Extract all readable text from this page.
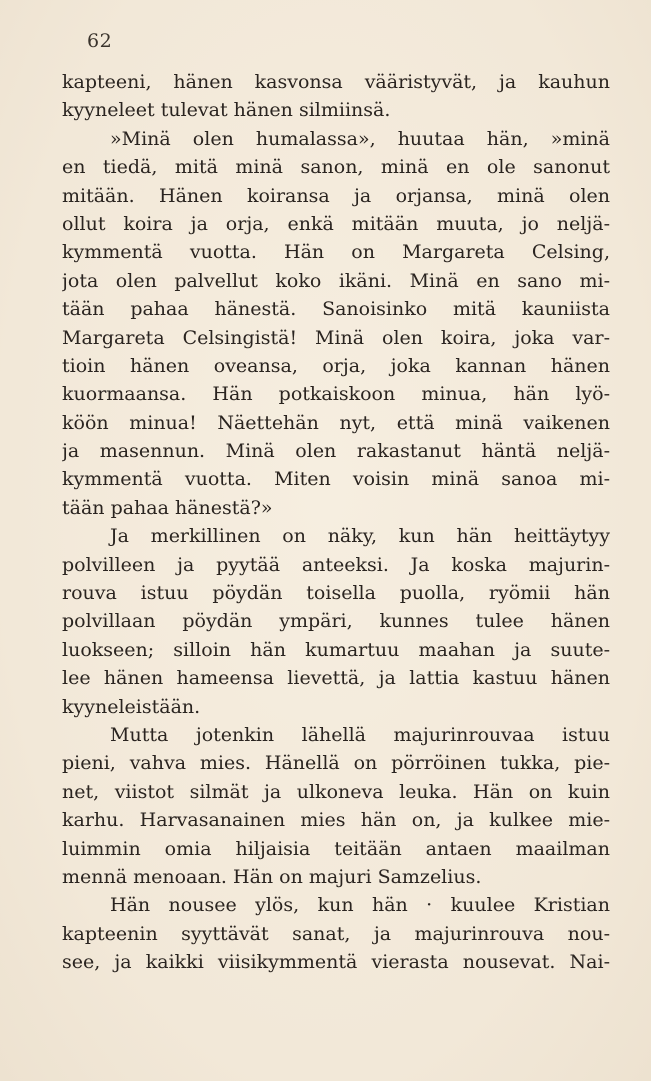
62
kapteeni, hänen kasvonsa vääristyvät, ja kauhun
kyyneleet tulevat hänen silmiinsä.
»Minä olen humalassa», huutaa hän, »minä
en tiedä, mitä minä sanon, minä en ole sanonut
mitään. Hänen koiransa ja orjansa, minä olen
ollut koira ja orja, enkä mitään muuta, jo neljä-
kymmentä vuotta. Hän on Margareta Celsing,
jota olen palvellut koko ikäni. Minä en sano mi-
tään pahaa hänestä. Sanoisinko mitä kauniista
Margareta Celsingistä! Minä olen koira, joka var-
tioin hänen oveansa, orja, joka kannan hänen
kuormaansa. Hän potkaiskoon minua, hän lyö-
köön minua! Näettehän nyt, että minä vaikenen
ja masennun. Minä olen rakastanut häntä neljä-
kymmentä vuotta. Miten voisin minä sanoa mi-
tään pahaa hänestä?»
Ja merkillinen on näky, kun hän heittäytyy
polvilleen ja pyytää anteeksi. Ja koska majurin-
rouva istuu pöydän toisella puolla, ryömii hän
polvillaan pöydän ympäri, kunnes tulee hänen
luokseen; silloin hän kumartuu maahan ja suute-
lee hänen hameensa lievettä, ja lattia kastuu hänen
kyyneleistään.
Mutta jotenkin lähellä majurinrouvaa istuu
pieni, vahva mies. Hänellä on pörröinen tukka, pie-
net, viistot silmät ja ulkoneva leuka. Hän on kuin
karhu. Harvasanainen mies hän on, ja kulkee mie-
luimmin omia hiljaisia teitään antaen maailman
mennä menoaan. Hän on majuri Samzelius.
Hän nousee ylös, kun hän · kuulee Kristian
kapteenin syyttävät sanat, ja majurinrouva nou-
see, ja kaikki viisikymmentä vierasta nousevat. Nai-
